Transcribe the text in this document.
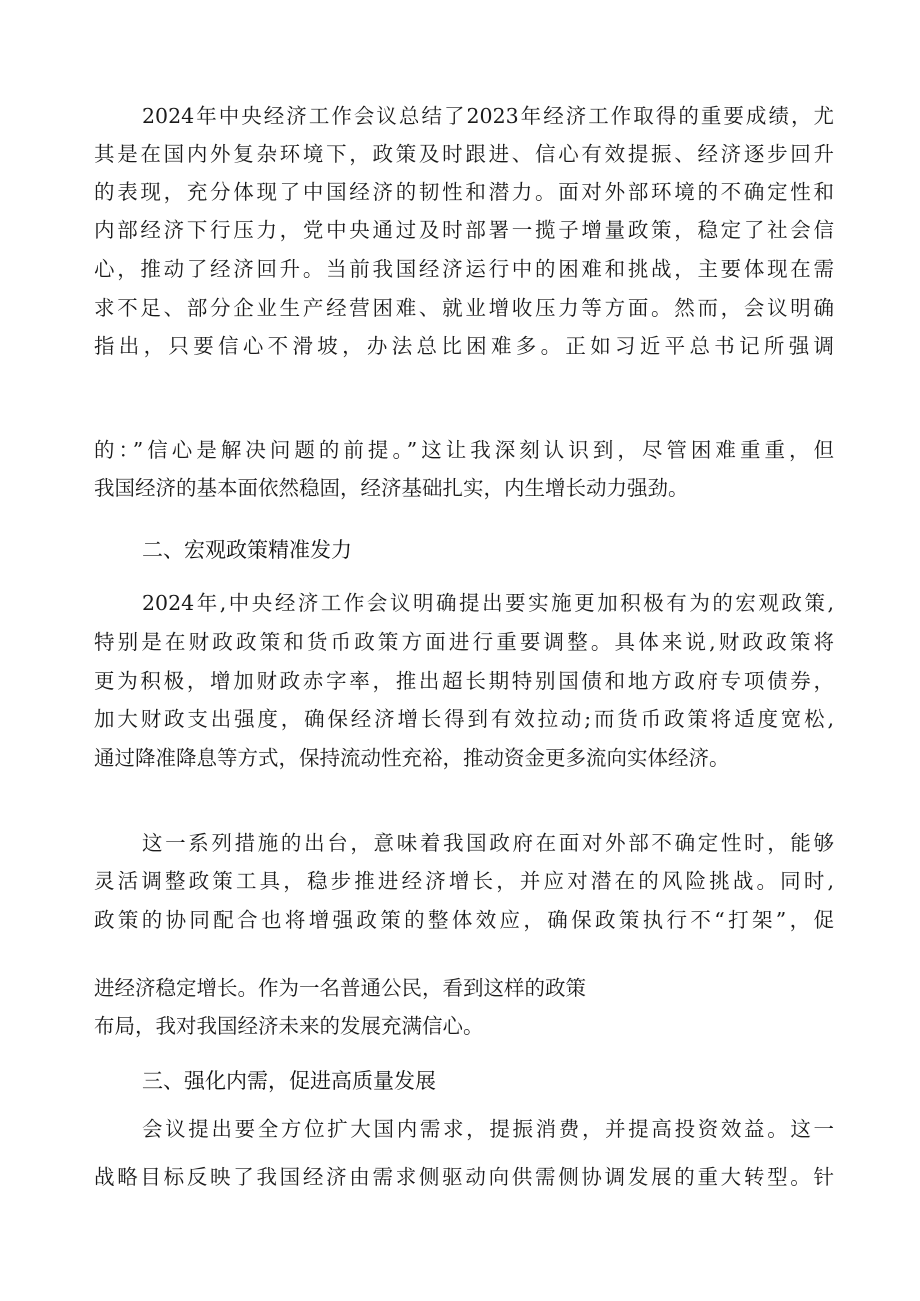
2024年中央经济工作会议总结了2023年经济工作取得的重要成绩，尤
其是在国内外复杂环境下，政策及时跟进、信心有效提振、经济逐步回升
的表现，充分体现了中国经济的韧性和潜力。面对外部环境的不确定性和
内部经济下行压力，党中央通过及时部署一揽子增量政策，稳定了社会信
心，推动了经济回升。当前我国经济运行中的困难和挑战，主要体现在需
求不足、部分企业生产经营困难、就业增收压力等方面。然而，会议明确
指出，只要信心不滑坡，办法总比困难多。正如习近平总书记所强调
的：”信心是解决问题的前提。”这让我深刻认识到，尽管困难重重，但
我国经济的基本面依然稳固，经济基础扎实，内生增长动力强劲。
二、宏观政策精准发力
2024年,中央经济工作会议明确提出要实施更加积极有为的宏观政策,
特别是在财政政策和货币政策方面进行重要调整。具体来说,财政政策将
更为积极，增加财政赤字率，推出超长期特别国债和地方政府专项债券，
加大财政支出强度，确保经济增长得到有效拉动;而货币政策将适度宽松,
通过降准降息等方式，保持流动性充裕，推动资金更多流向实体经济。
这一系列措施的出台，意味着我国政府在面对外部不确定性时，能够
灵活调整政策工具，稳步推进经济增长，并应对潜在的风险挑战。同时,
政策的协同配合也将增强政策的整体效应，确保政策执行不“打架”，促
进经济稳定增长。作为一名普通公民，看到这样的政策
布局，我对我国经济未来的发展充满信心。
三、强化内需，促进高质量发展
会议提出要全方位扩大国内需求，提振消费，并提高投资效益。这一
战略目标反映了我国经济由需求侧驱动向供需侧协调发展的重大转型。针
